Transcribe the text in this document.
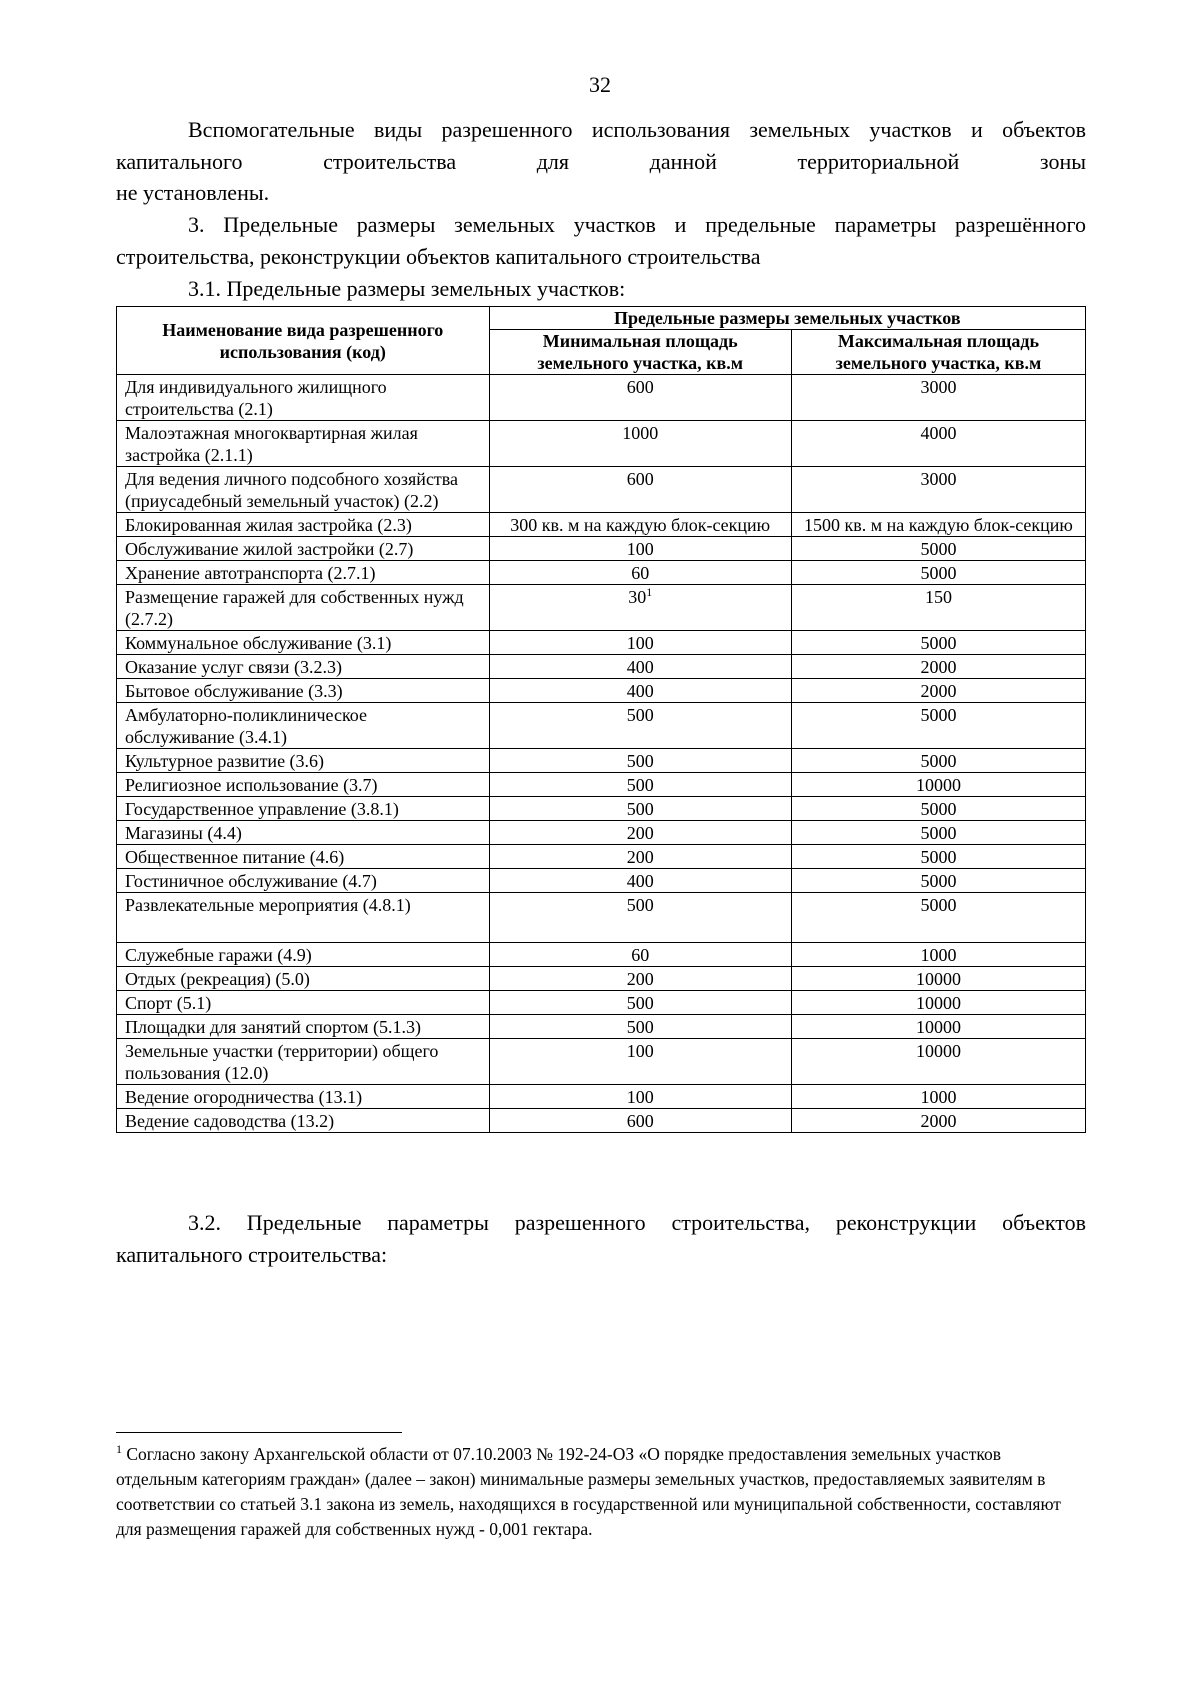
32

Вспомогательные виды разрешенного использования земельных участков и объектов капитального строительства для данной территориальной зоны

не установлены.

3. Предельные размеры земельных участков и предельные параметры разрешённого

строительства, реконструкции объектов капитального строительства

3.1. Предельные размеры земельных участков:

Наименование вида разрешенного использования (код)	Предельные размеры земельных участков	
	Минимальная площадь земельного участка, кв.м	Максимальная площадь земельного участка, кв.м
Для индивидуального жилищного строительства (2.1)	600	3000
Малоэтажная многоквартирная жилая застройка (2.1.1)	1000	4000
Для ведения личного подсобного хозяйства (приусадебный земельный участок) (2.2)	600	3000
Блокированная жилая застройка (2.3)	300 кв. м на каждую блок-секцию	1500 кв. м на каждую блок-секцию
Обслуживание жилой застройки (2.7)	100	5000
Хранение автотранспорта (2.7.1)	60	5000
Размещение гаражей для собственных нужд (2.7.2)	$30^1$	150
Коммунальное обслуживание (3.1)	100	5000
Оказание услуг связи (3.2.3)	400	2000
Бытовое обслуживание (3.3)	400	2000
Амбулаторно-поликлиническое обслуживание (3.4.1)	500	5000
Культурное развитие (3.6)	500	5000
Религиозное использование (3.7)	500	10000
Государственное управление (3.8.1)	500	5000
Магазины (4.4)	200	5000
Общественное питание (4.6)	200	5000
Гостиничное обслуживание (4.7)	400	5000
Развлекательные мероприятия (4.8.1)	500	5000
Служебные гаражи (4.9)	60	1000
Отдых (рекреация) (5.0)	200	10000
Спорт (5.1)	500	10000
Площадки для занятий спортом (5.1.3)	500	10000
Земельные участки (территории) общего пользования (12.0)	100	10000
Ведение огородничества (13.1)	100	1000
Ведение садоводства (13.2)	600	2000

3.2. Предельные параметры разрешенного строительства, реконструкции объектов

капитального строительства:

$^1$ Согласно закону Архангельской области от 07.10.2003 № 192-24-ОЗ «О порядке предоставления земельных участков отдельным категориям граждан» (далее – закон) минимальные размеры земельных участков, предоставляемых заявителям в соответствии со статьей 3.1 закона из земель, находящихся в государственной или муниципальной собственности, составляют для размещения гаражей для собственных нужд - 0,001 гектара.
